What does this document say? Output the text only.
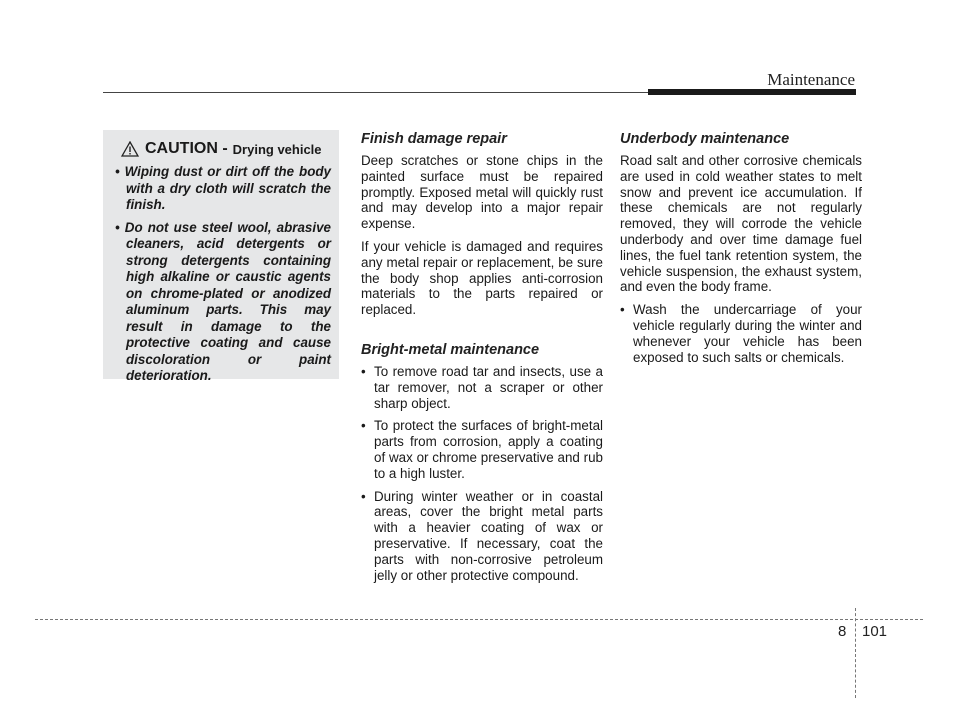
Maintenance
CAUTION - Drying vehicle
• Wiping dust or dirt off the body with a dry cloth will scratch the finish.
• Do not use steel wool, abrasive cleaners, acid detergents or strong detergents containing high alkaline or caustic agents on chrome-plated or anodized aluminum parts. This may result in damage to the protective coating and cause discoloration or paint deterioration.
Finish damage repair

Deep scratches or stone chips in the painted surface must be repaired promptly. Exposed metal will quickly rust and may develop into a major repair expense.

If your vehicle is damaged and requires any metal repair or replacement, be sure the body shop applies anti-corrosion materials to the parts repaired or replaced.

Bright-metal maintenance
• To remove road tar and insects, use a tar remover, not a scraper or other sharp object.
• To protect the surfaces of bright-metal parts from corrosion, apply a coating of wax or chrome preservative and rub to a high luster.
• During winter weather or in coastal areas, cover the bright metal parts with a heavier coating of wax or preservative. If necessary, coat the parts with non-corrosive petroleum jelly or other protective compound.
Underbody maintenance

Road salt and other corrosive chemicals are used in cold weather states to melt snow and prevent ice accumulation. If these chemicals are not regularly removed, they will corrode the vehicle underbody and over time damage fuel lines, the fuel tank retention system, the vehicle suspension, the exhaust system, and even the body frame.

• Wash the undercarriage of your vehicle regularly during the winter and whenever your vehicle has been exposed to such salts or chemicals.
8 101
